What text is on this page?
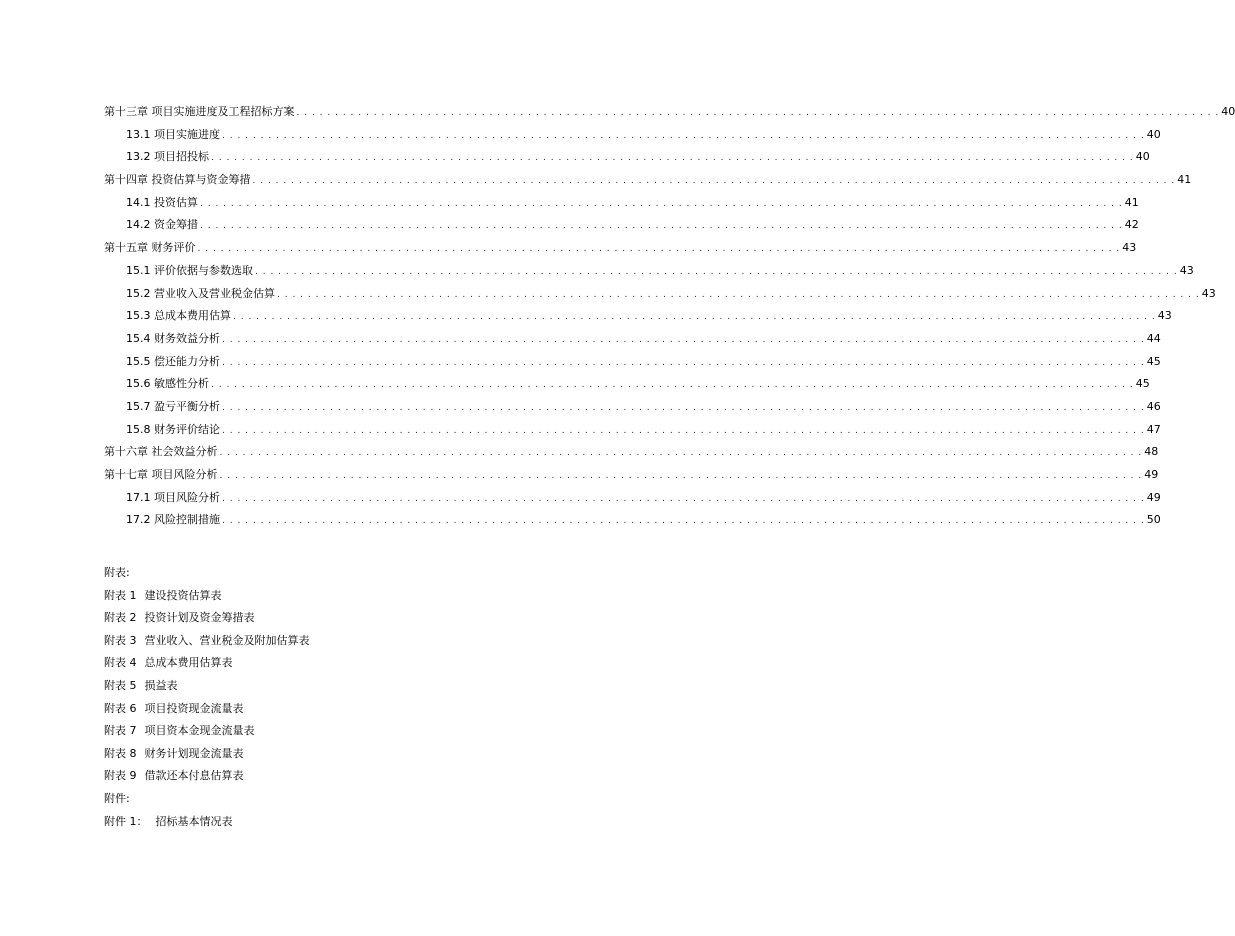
第十三章 项目实施进度及工程招标方案 . . . . . . . . . . . . . . . . . . . . . . . . . . . . . . . . . . . . . . . . . . . . . . . . . . . . . . . . . . . . . . . . . . . . . . . . . . . . . . . . . . . . . . . . . . . . . . . . . . . . . . . . . . . . . . . . . . . . . . . . 40
13.1 项目实施进度 . . . . . . . . . . . . . . . . . . . . . . . . . . . . . . . . . . . . . . . . . . . . . . . . . . . . . . . . . . . . . . . . . . . . . . . . . . . . . . . . . . . . . . . . . . . . . . . . . . . . . . . . . . . . . . . . . . . . . . . . 40
13.2 项目招投标 . . . . . . . . . . . . . . . . . . . . . . . . . . . . . . . . . . . . . . . . . . . . . . . . . . . . . . . . . . . . . . . . . . . . . . . . . . . . . . . . . . . . . . . . . . . . . . . . . . . . . . . . . . . . . . . . . . . . . . . . 40
第十四章 投资估算与资金筹措 . . . . . . . . . . . . . . . . . . . . . . . . . . . . . . . . . . . . . . . . . . . . . . . . . . . . . . . . . . . . . . . . . . . . . . . . . . . . . . . . . . . . . . . . . . . . . . . . . . . . . . . . . . . . . . . . . . . . . . . . 41
14.1 投资估算 . . . . . . . . . . . . . . . . . . . . . . . . . . . . . . . . . . . . . . . . . . . . . . . . . . . . . . . . . . . . . . . . . . . . . . . . . . . . . . . . . . . . . . . . . . . . . . . . . . . . . . . . . . . . . . . . . . . . . . . . 41
14.2 资金筹措 . . . . . . . . . . . . . . . . . . . . . . . . . . . . . . . . . . . . . . . . . . . . . . . . . . . . . . . . . . . . . . . . . . . . . . . . . . . . . . . . . . . . . . . . . . . . . . . . . . . . . . . . . . . . . . . . . . . . . . . . 42
第十五章 财务评价 . . . . . . . . . . . . . . . . . . . . . . . . . . . . . . . . . . . . . . . . . . . . . . . . . . . . . . . . . . . . . . . . . . . . . . . . . . . . . . . . . . . . . . . . . . . . . . . . . . . . . . . . . . . . . . . . . . . . . . . . 43
15.1 评价依据与参数选取 . . . . . . . . . . . . . . . . . . . . . . . . . . . . . . . . . . . . . . . . . . . . . . . . . . . . . . . . . . . . . . . . . . . . . . . . . . . . . . . . . . . . . . . . . . . . . . . . . . . . . . . . . . . . . . . . . . . . . . . . 43
15.2 营业收入及营业税金估算 . . . . . . . . . . . . . . . . . . . . . . . . . . . . . . . . . . . . . . . . . . . . . . . . . . . . . . . . . . . . . . . . . . . . . . . . . . . . . . . . . . . . . . . . . . . . . . . . . . . . . . . . . . . . . . . . . . . . . . . . 43
15.3 总成本费用估算 . . . . . . . . . . . . . . . . . . . . . . . . . . . . . . . . . . . . . . . . . . . . . . . . . . . . . . . . . . . . . . . . . . . . . . . . . . . . . . . . . . . . . . . . . . . . . . . . . . . . . . . . . . . . . . . . . . . . . . . . 43
15.4 财务效益分析 . . . . . . . . . . . . . . . . . . . . . . . . . . . . . . . . . . . . . . . . . . . . . . . . . . . . . . . . . . . . . . . . . . . . . . . . . . . . . . . . . . . . . . . . . . . . . . . . . . . . . . . . . . . . . . . . . . . . . . . . 44
15.5 偿还能力分析 . . . . . . . . . . . . . . . . . . . . . . . . . . . . . . . . . . . . . . . . . . . . . . . . . . . . . . . . . . . . . . . . . . . . . . . . . . . . . . . . . . . . . . . . . . . . . . . . . . . . . . . . . . . . . . . . . . . . . . . . 45
15.6 敏感性分析 . . . . . . . . . . . . . . . . . . . . . . . . . . . . . . . . . . . . . . . . . . . . . . . . . . . . . . . . . . . . . . . . . . . . . . . . . . . . . . . . . . . . . . . . . . . . . . . . . . . . . . . . . . . . . . . . . . . . . . . . 45
15.7 盈亏平衡分析 . . . . . . . . . . . . . . . . . . . . . . . . . . . . . . . . . . . . . . . . . . . . . . . . . . . . . . . . . . . . . . . . . . . . . . . . . . . . . . . . . . . . . . . . . . . . . . . . . . . . . . . . . . . . . . . . . . . . . . . . 46
15.8 财务评价结论 . . . . . . . . . . . . . . . . . . . . . . . . . . . . . . . . . . . . . . . . . . . . . . . . . . . . . . . . . . . . . . . . . . . . . . . . . . . . . . . . . . . . . . . . . . . . . . . . . . . . . . . . . . . . . . . . . . . . . . . . 47
第十六章 社会效益分析 . . . . . . . . . . . . . . . . . . . . . . . . . . . . . . . . . . . . . . . . . . . . . . . . . . . . . . . . . . . . . . . . . . . . . . . . . . . . . . . . . . . . . . . . . . . . . . . . . . . . . . . . . . . . . . . . . . . . . . . . 48
第十七章 项目风险分析 . . . . . . . . . . . . . . . . . . . . . . . . . . . . . . . . . . . . . . . . . . . . . . . . . . . . . . . . . . . . . . . . . . . . . . . . . . . . . . . . . . . . . . . . . . . . . . . . . . . . . . . . . . . . . . . . . . . . . . . . 49
17.1 项目风险分析 . . . . . . . . . . . . . . . . . . . . . . . . . . . . . . . . . . . . . . . . . . . . . . . . . . . . . . . . . . . . . . . . . . . . . . . . . . . . . . . . . . . . . . . . . . . . . . . . . . . . . . . . . . . . . . . . . . . . . . . . 49
17.2 风险控制措施 . . . . . . . . . . . . . . . . . . . . . . . . . . . . . . . . . . . . . . . . . . . . . . . . . . . . . . . . . . . . . . . . . . . . . . . . . . . . . . . . . . . . . . . . . . . . . . . . . . . . . . . . . . . . . . . . . . . . . . . . 50
附表:
附表 1 建设投资估算表
附表 2 投资计划及资金筹措表
附表 3 营业收入、营业税金及附加估算表
附表 4 总成本费用估算表
附表 5 损益表
附表 6 项目投资现金流量表
附表 7 项目资本金现金流量表
附表 8 财务计划现金流量表
附表 9 借款还本付息估算表
附件:
附件 1： 招标基本情况表
